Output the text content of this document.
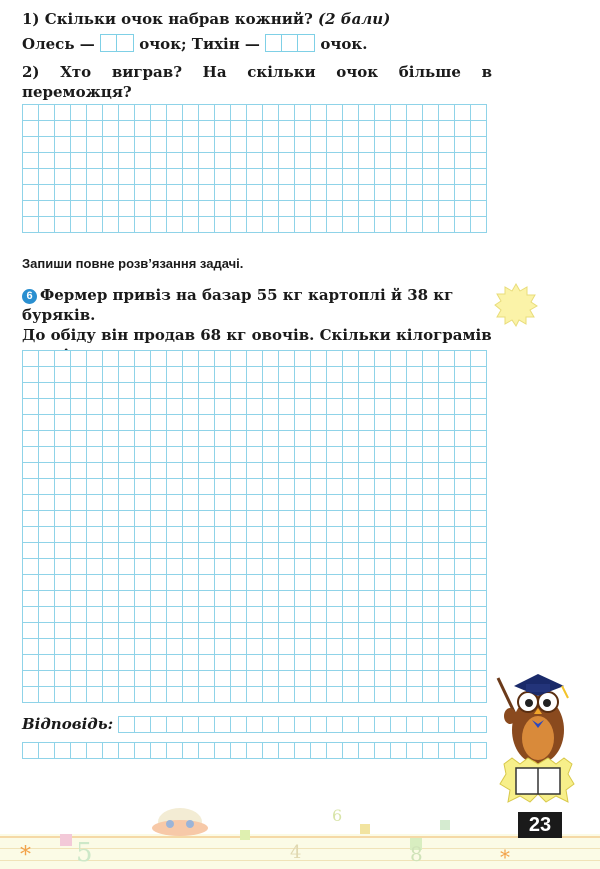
1) Скільки очок набрав кожний? (2 бали)
Олесь —	очок; Тихін —	очок.
2) Хто виграв? На скільки очок більше в переможця?

Запиши повне розв’язання задачі.
6 Фермер привіз на базар 55 кг картоплі й 38 кг буряків.
До обіду він продав 68 кг овочів. Скільки кілограмів

Відповідь:
*	*
6
5	4	8
23
